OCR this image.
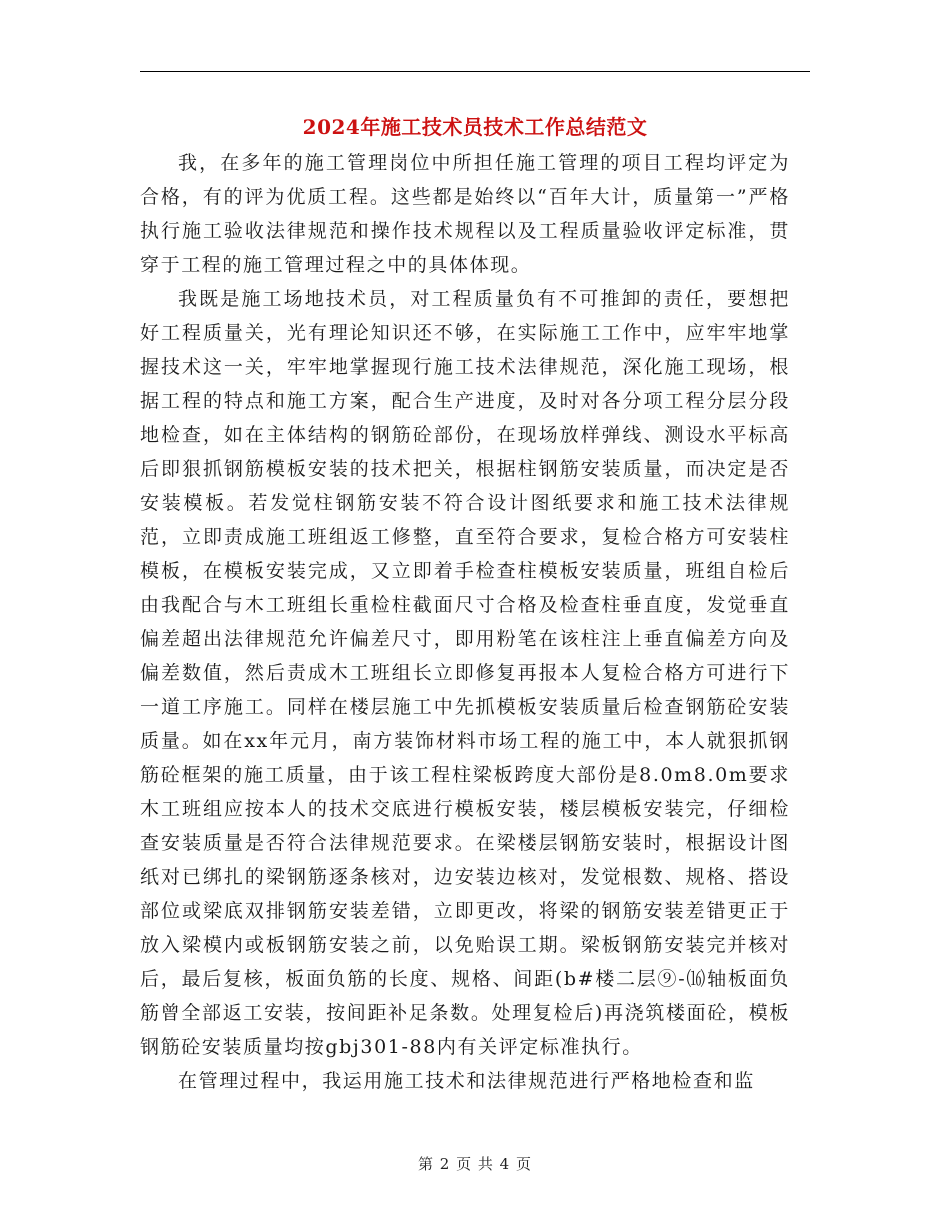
2024年施工技术员技术工作总结范文

我，在多年的施工管理岗位中所担任施工管理的项目工程均评定为合格，有的评为优质工程。这些都是始终以“百年大计，质量第一”严格执行施工验收法律规范和操作技术规程以及工程质量验收评定标准，贯穿于工程的施工管理过程之中的具体体现。

我既是施工场地技术员，对工程质量负有不可推卸的责任，要想把好工程质量关，光有理论知识还不够，在实际施工工作中，应牢牢地掌握技术这一关，牢牢地掌握现行施工技术法律规范，深化施工现场，根据工程的特点和施工方案，配合生产进度，及时对各分项工程分层分段地检查，如在主体结构的钢筋砼部份，在现场放样弹线、测设水平标高后即狠抓钢筋模板安装的技术把关，根据柱钢筋安装质量，而决定是否安装模板。若发觉柱钢筋安装不符合设计图纸要求和施工技术法律规范，立即责成施工班组返工修整，直至符合要求，复检合格方可安装柱模板，在模板安装完成，又立即着手检查柱模板安装质量，班组自检后由我配合与木工班组长重检柱截面尺寸合格及检查柱垂直度，发觉垂直偏差超出法律规范允许偏差尺寸，即用粉笔在该柱注上垂直偏差方向及偏差数值，然后责成木工班组长立即修复再报本人复检合格方可进行下一道工序施工。同样在楼层施工中先抓模板安装质量后检查钢筋砼安装质量。如在xx年元月，南方装饰材料市场工程的施工中，本人就狠抓钢筋砼框架的施工质量，由于该工程柱梁板跨度大部份是8.0m8.0m要求木工班组应按本人的技术交底进行模板安装，楼层模板安装完，仔细检查安装质量是否符合法律规范要求。在梁楼层钢筋安装时，根据设计图纸对已绑扎的梁钢筋逐条核对，边安装边核对，发觉根数、规格、搭设部位或梁底双排钢筋安装差错，立即更改，将梁的钢筋安装差错更正于放入梁模内或板钢筋安装之前，以免贻误工期。梁板钢筋安装完并核对后，最后复核，板面负筋的长度、规格、间距(b#楼二层⑨-⒃轴板面负筋曾全部返工安装，按间距补足条数。处理复检后)再浇筑楼面砼，模板钢筋砼安装质量均按gbj301-88内有关评定标准执行。

在管理过程中，我运用施工技术和法律规范进行严格地检查和监

第 2 页 共 4 页
